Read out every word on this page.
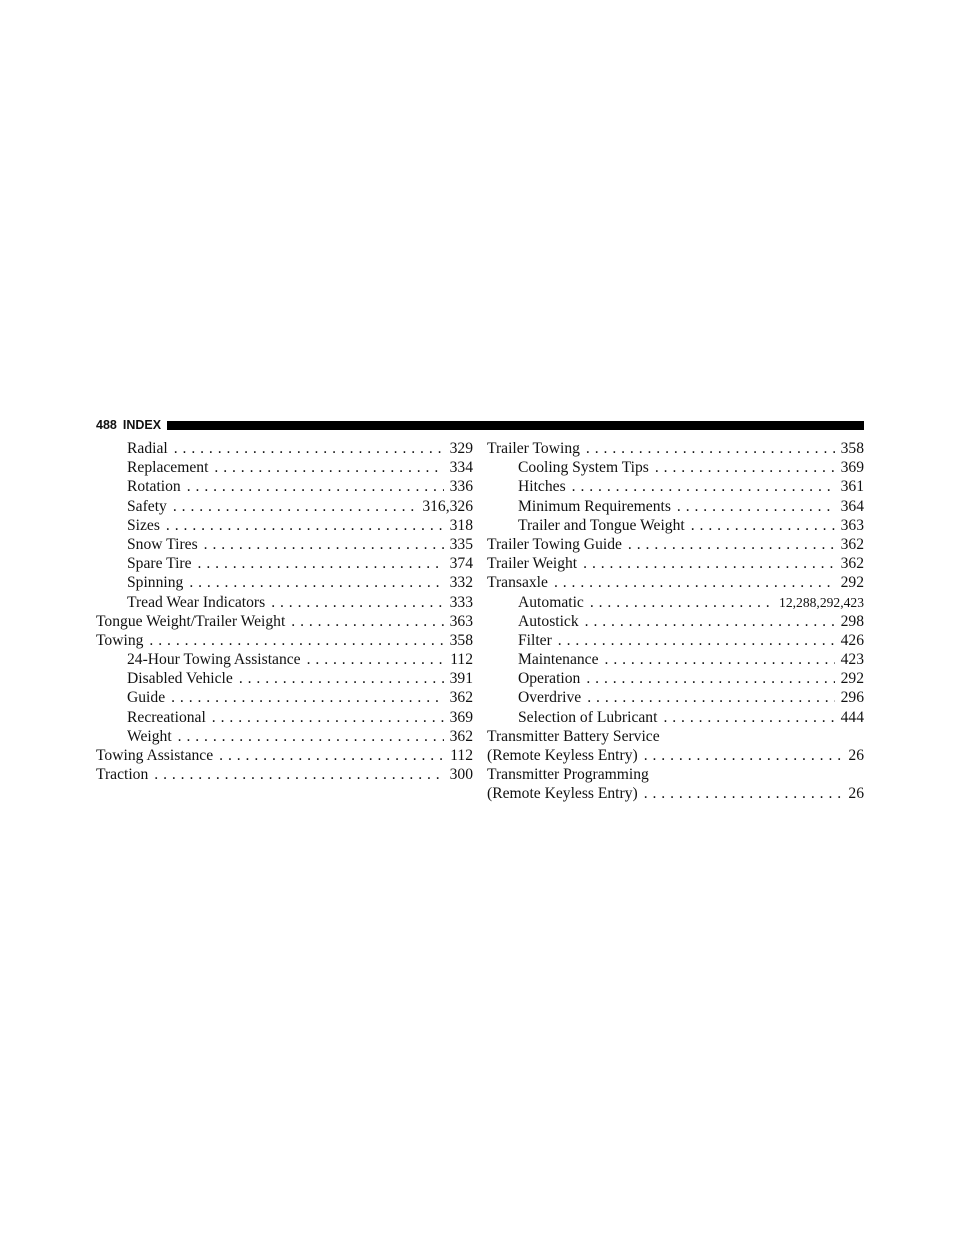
488 INDEX
Radial . . .	329
Replacement . . .	334
Rotation . . .	336
Safety . . .	316,326
Sizes . . .	318
Snow Tires . . .	335
Spare Tire . . .	374
Spinning . . .	332
Tread Wear Indicators . . .	333
Tongue Weight/Trailer Weight . . .	363
Towing . . .	358
24-Hour Towing Assistance . . .	112
Disabled Vehicle . . .	391
Guide . . .	362
Recreational . . .	369
Weight . . .	362
Towing Assistance . . .	112
Traction . . .	300
Trailer Towing . . .	358
Cooling System Tips . . .	369
Hitches . . .	361
Minimum Requirements . . .	364
Trailer and Tongue Weight . . .	363
Trailer Towing Guide . . .	362
Trailer Weight . . .	362
Transaxle . . .	292
Automatic . . .	12,288,292,423
Autostick . . .	298
Filter . . .	426
Maintenance . . .	423
Operation . . .	292
Overdrive . . .	296
Selection of Lubricant . . .	444
Transmitter Battery Service
(Remote Keyless Entry) . . .	26
Transmitter Programming
(Remote Keyless Entry) . . .	26
